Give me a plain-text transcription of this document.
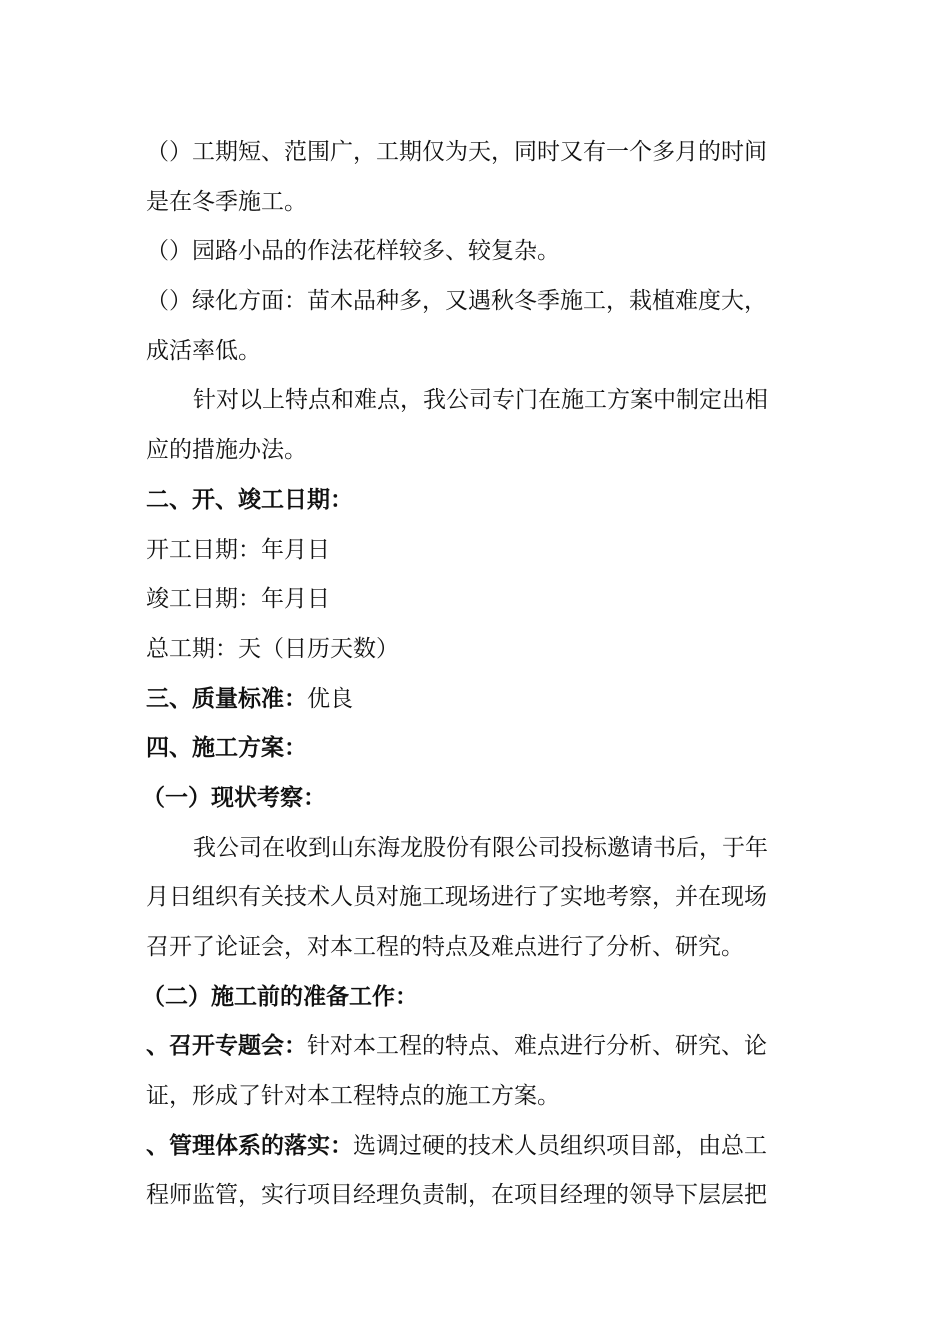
（）工期短、范围广，工期仅为天，同时又有一个多月的时间
是在冬季施工。
（）园路小品的作法花样较多、较复杂。
（）绿化方面：苗木品种多，又遇秋冬季施工，栽植难度大，
成活率低。
针对以上特点和难点，我公司专门在施工方案中制定出相
应的措施办法。
二、开、竣工日期：
开工日期：年月日
竣工日期：年月日
总工期：天（日历天数）
三、质量标准：优良
四、施工方案：
（一）现状考察：
我公司在收到山东海龙股份有限公司投标邀请书后，于年
月日组织有关技术人员对施工现场进行了实地考察，并在现场
召开了论证会，对本工程的特点及难点进行了分析、研究。
（二）施工前的准备工作：
、召开专题会：针对本工程的特点、难点进行分析、研究、论
证，形成了针对本工程特点的施工方案。
、管理体系的落实：选调过硬的技术人员组织项目部，由总工
程师监管，实行项目经理负责制，在项目经理的领导下层层把
